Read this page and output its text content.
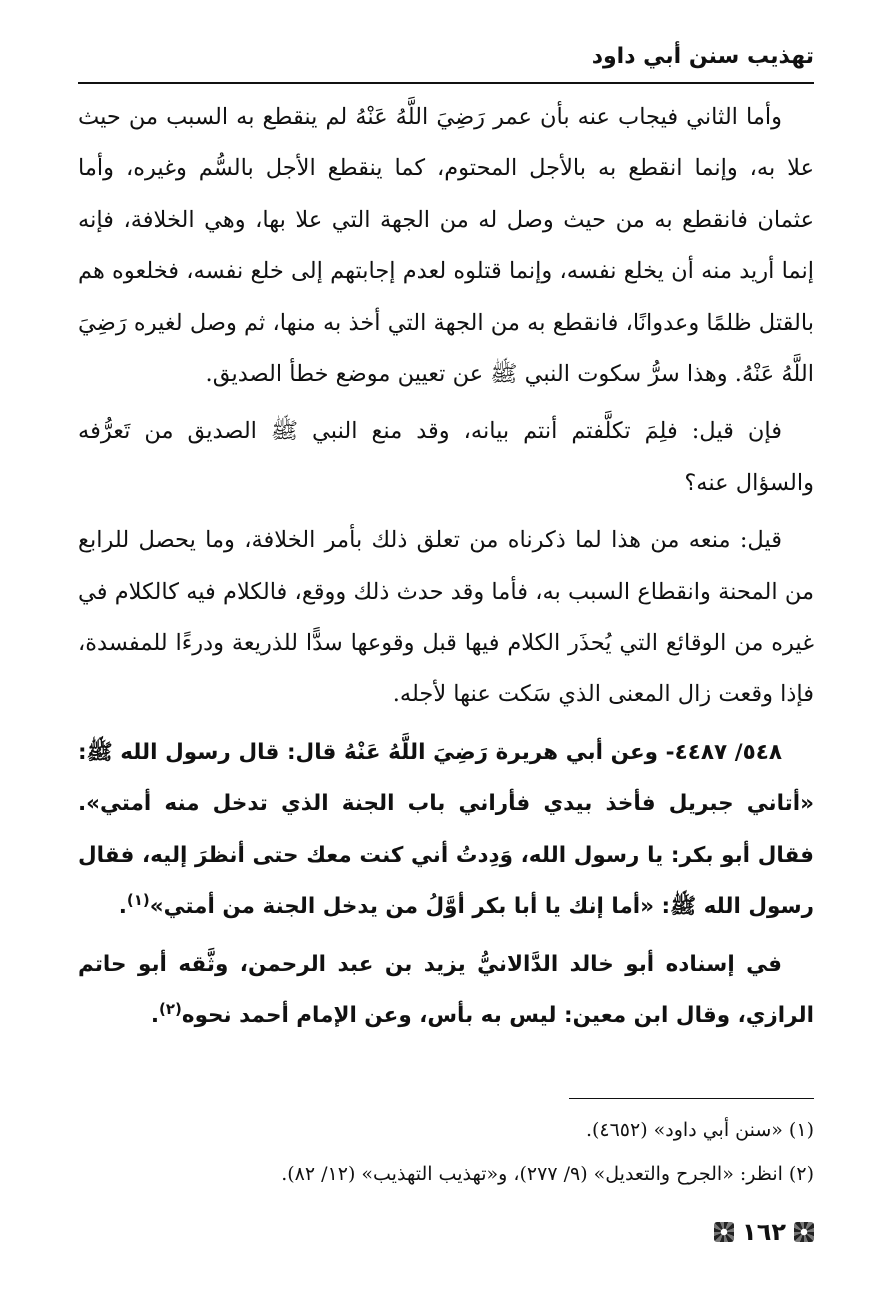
تهذيب سنن أبي داود

وأما الثاني فيجاب عنه بأن عمر رَضِيَ اللَّهُ عَنْهُ لم ينقطع به السبب من حيث علا به، وإنما انقطع به بالأجل المحتوم، كما ينقطع الأجل بالسُّم وغيره، وأما عثمان فانقطع به من حيث وصل له من الجهة التي علا بها، وهي الخلافة، فإنه إنما أريد منه أن يخلع نفسه، وإنما قتلوه لعدم إجابتهم إلى خلع نفسه، فخلعوه هم بالقتل ظلمًا وعدوانًا، فانقطع به من الجهة التي أخذ به منها، ثم وصل لغيره رَضِيَ اللَّهُ عَنْهُ. وهذا سرُّ سكوت النبي ﷺ عن تعيين موضع خطأ الصديق.

فإن قيل: فلِمَ تكلَّفتم أنتم بيانه، وقد منع النبي ﷺ الصديق من تَعرُّفه والسؤال عنه؟

قيل: منعه من هذا لما ذكرناه من تعلق ذلك بأمر الخلافة، وما يحصل للرابع من المحنة وانقطاع السبب به، فأما وقد حدث ذلك ووقع، فالكلام فيه كالكلام في غيره من الوقائع التي يُحذَر الكلام فيها قبل وقوعها سدًّا للذريعة ودرءًا للمفسدة، فإذا وقعت زال المعنى الذي سَكت عنها لأجله.

٥٤٨/ ٤٤٨٧- وعن أبي هريرة رَضِيَ اللَّهُ عَنْهُ قال: قال رسول الله ﷺ: «أتاني جبريل فأخذ بيدي فأراني باب الجنة الذي تدخل منه أمتي». فقال أبو بكر: يا رسول الله، وَدِدتُ أني كنت معك حتى أنظرَ إليه، فقال رسول الله ﷺ: «أما إنك يا أبا بكر أوَّلُ من يدخل الجنة من أمتي»$^{(١)}$.

في إسناده أبو خالد الدَّالانيُّ يزيد بن عبد الرحمن، وثَّقه أبو حاتم الرازي، وقال ابن معين: ليس به بأس، وعن الإمام أحمد نحوه$^{(٢)}$.

(١) «سنن أبي داود» (٤٦٥٢).

(٢) انظر: «الجرح والتعديل» (٩/ ٢٧٧)، و«تهذيب التهذيب» (١٢/ ٨٢).

١٦٢
